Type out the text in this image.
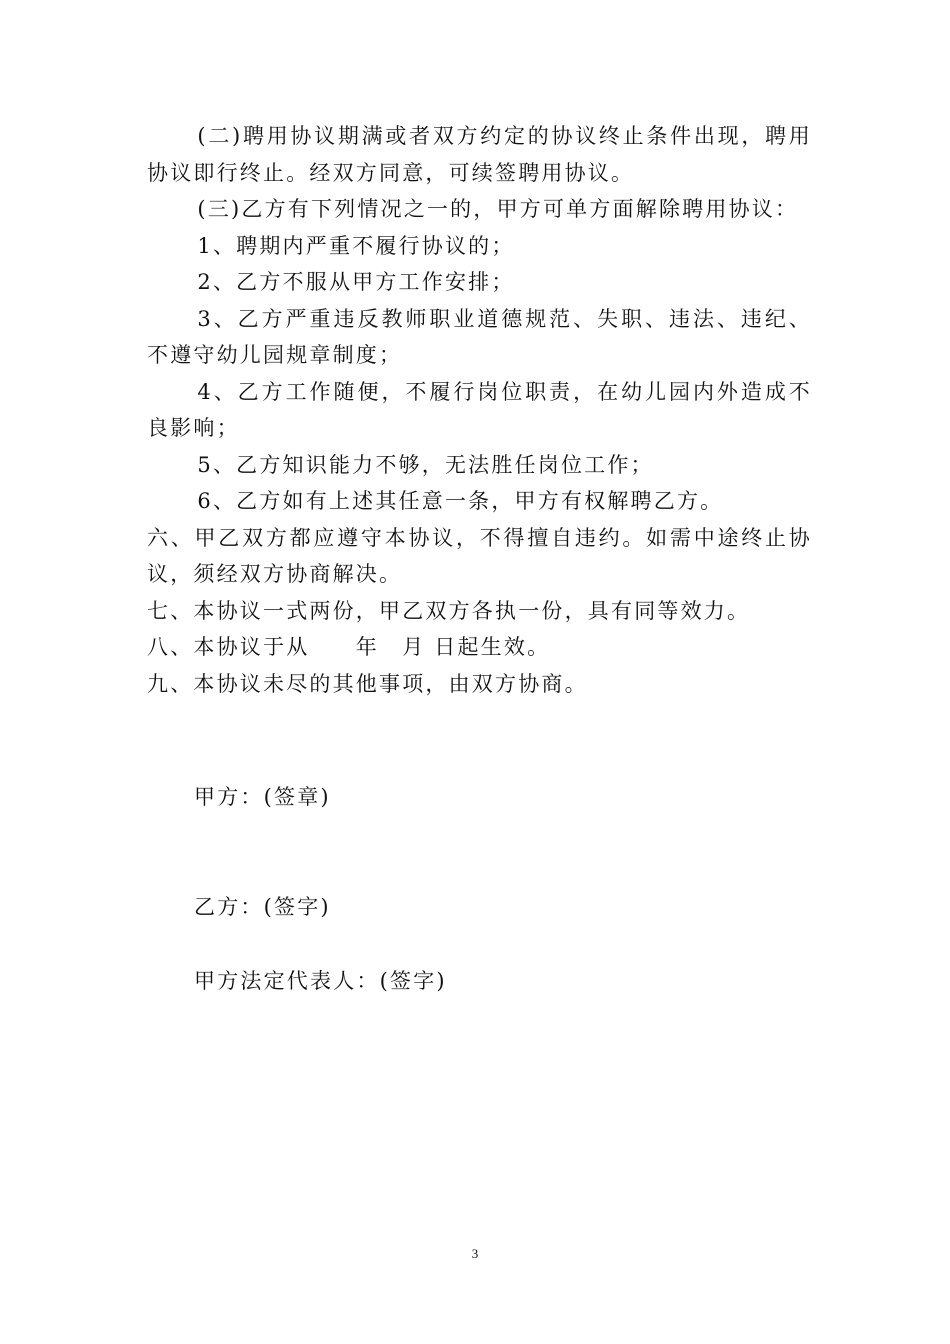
(二)聘用协议期满或者双方约定的协议终止条件出现，聘用协议即行终止。经双方同意，可续签聘用协议。

(三)乙方有下列情况之一的，甲方可单方面解除聘用协议：

1、聘期内严重不履行协议的；

2、乙方不服从甲方工作安排；

3、乙方严重违反教师职业道德规范、失职、违法、违纪、不遵守幼儿园规章制度；

4、乙方工作随便，不履行岗位职责，在幼儿园内外造成不良影响；

5、乙方知识能力不够，无法胜任岗位工作；

6、乙方如有上述其任意一条，甲方有权解聘乙方。

六、甲乙双方都应遵守本协议，不得擅自违约。如需中途终止协议，须经双方协商解决。

七、本协议一式两份，甲乙双方各执一份，具有同等效力。

八、本协议于从　　年　月 日起生效。

九、本协议未尽的其他事项，由双方协商。

甲方：(签章)
乙方：(签字)
甲方法定代表人：(签字)
3
